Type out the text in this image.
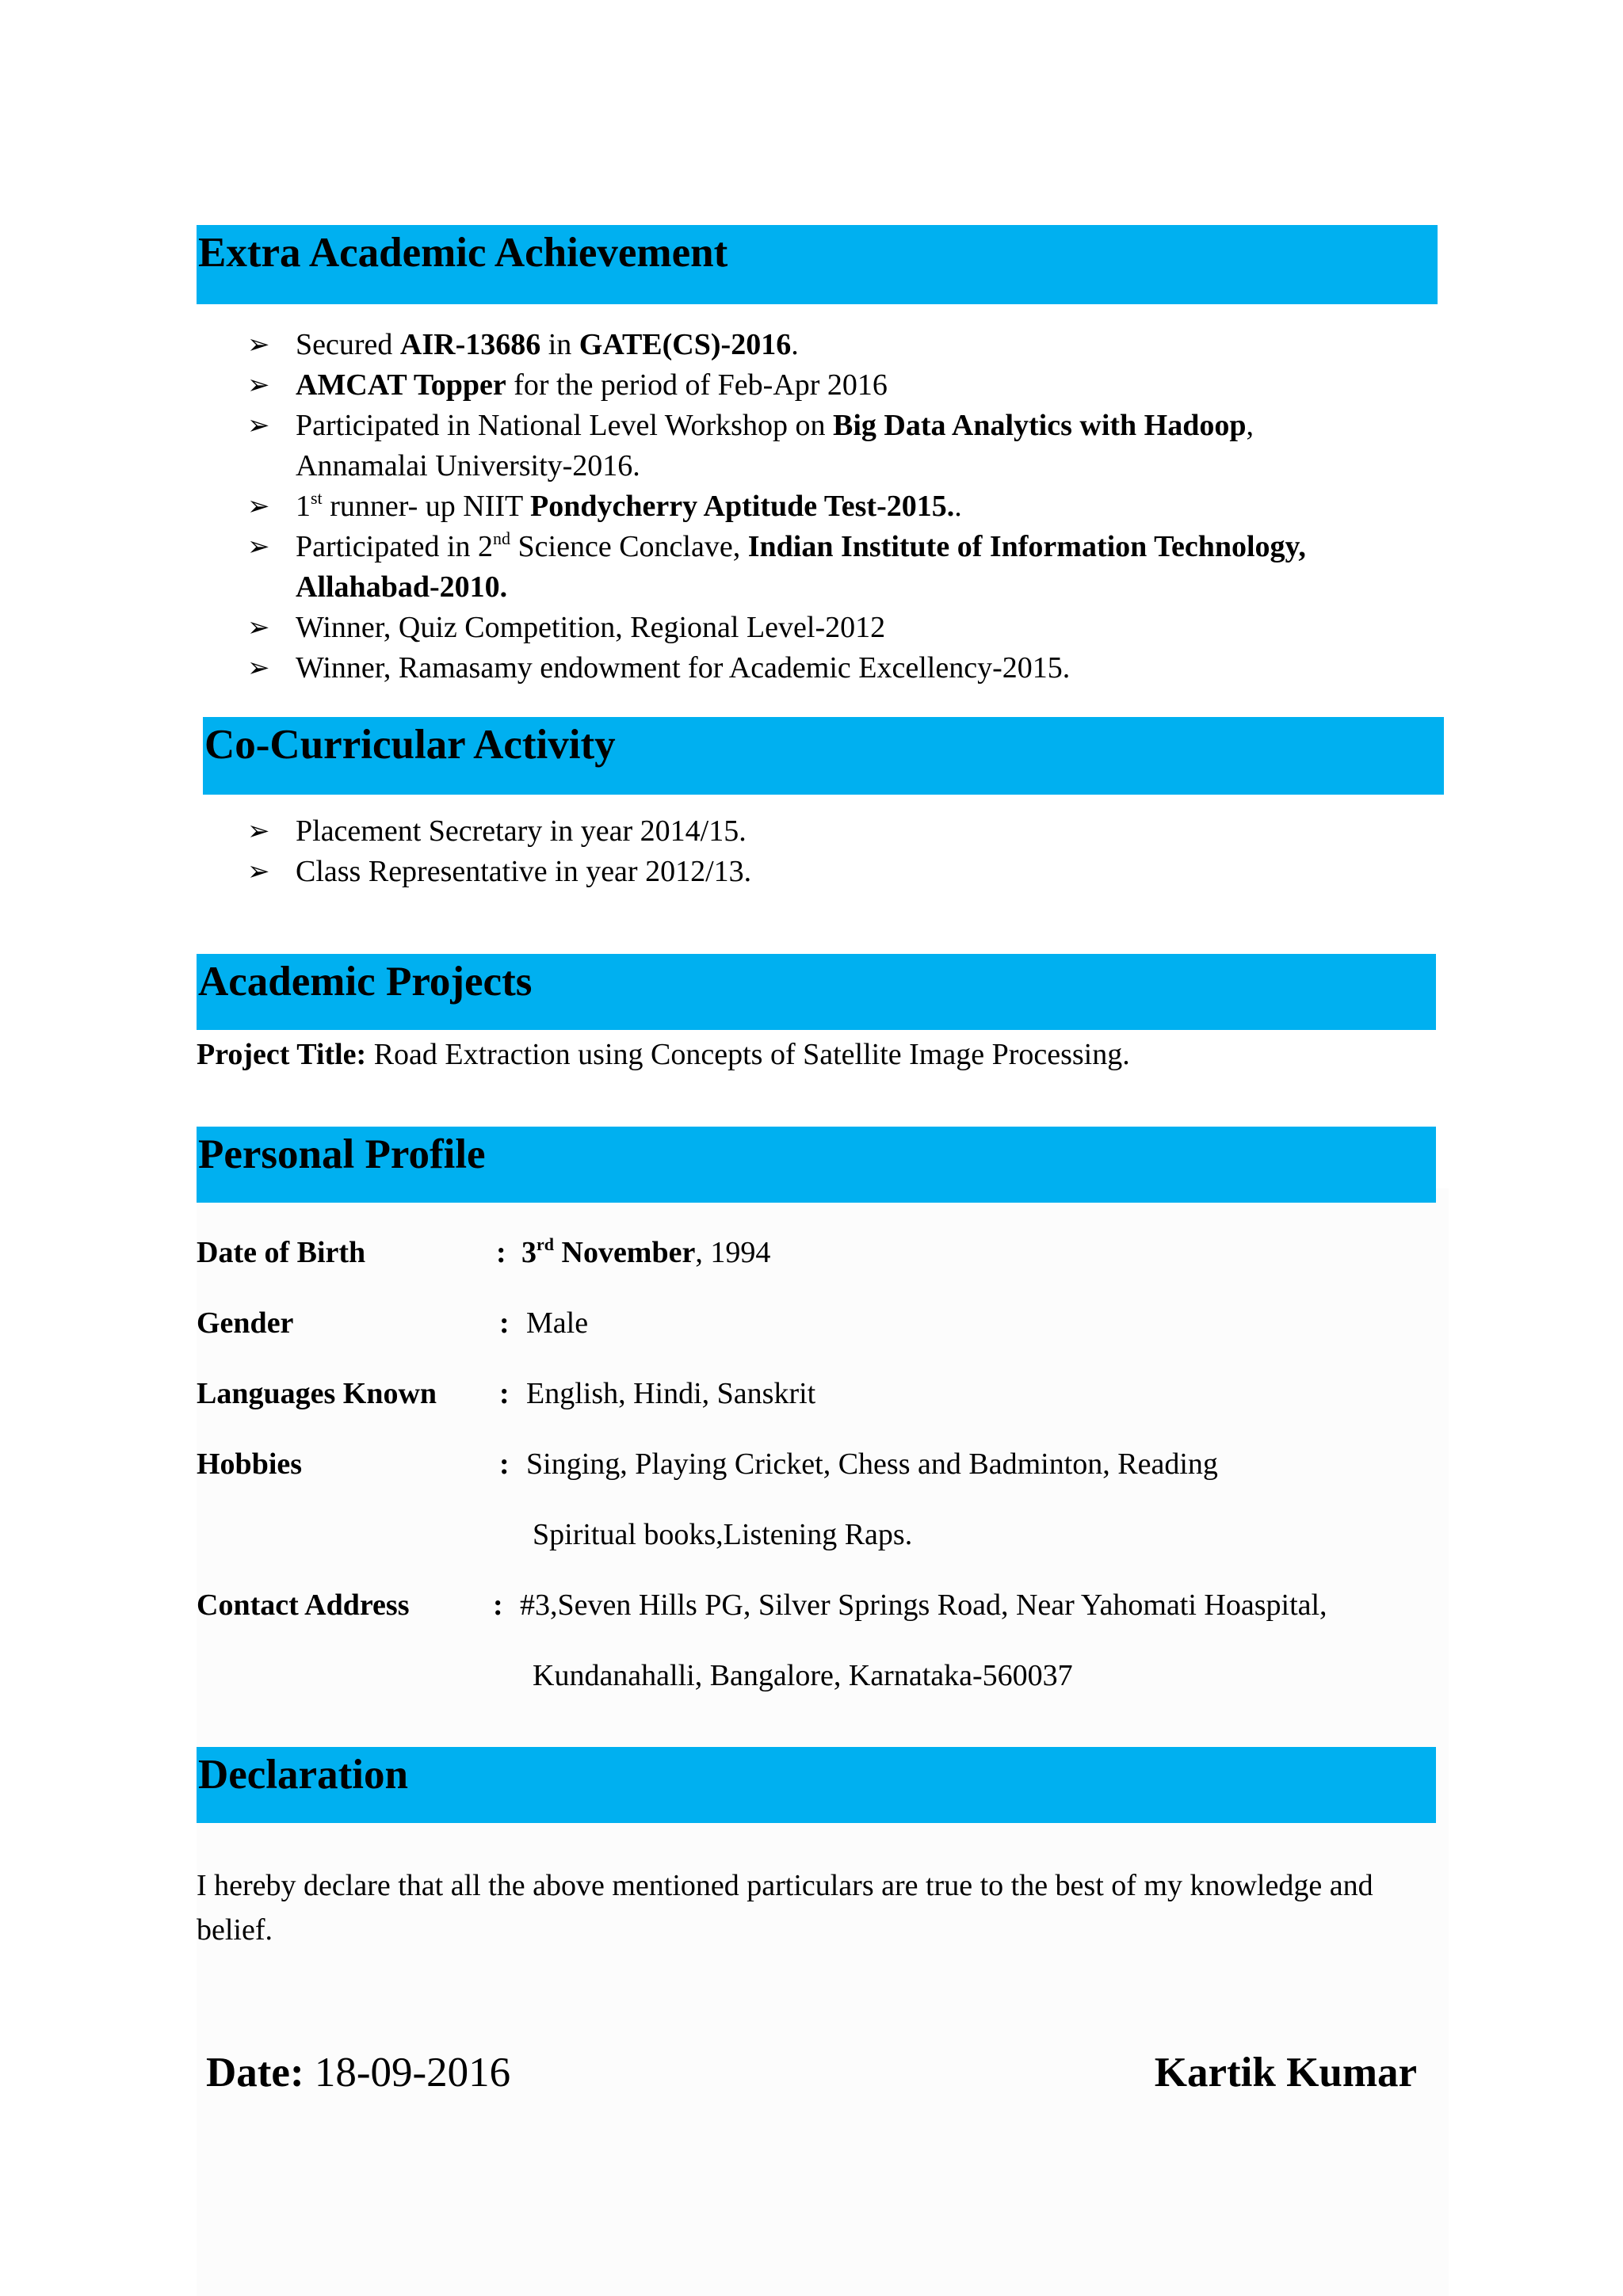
Extra Academic Achievement
➢ Secured AIR-13686 in GATE(CS)-2016.
➢ AMCAT Topper for the period of Feb-Apr 2016
➢ Participated in National Level Workshop on Big Data Analytics with Hadoop,
Annamalai University-2016.
➢ 1st runner- up NIIT Pondycherry Aptitude Test-2015..
➢ Participated in 2nd Science Conclave, Indian Institute of Information Technology,
Allahabad-2010.
➢ Winner, Quiz Competition, Regional Level-2012
➢ Winner, Ramasamy endowment for Academic Excellency-2015.
Co-Curricular Activity
➢ Placement Secretary in year 2014/15.
➢ Class Representative in year 2012/13.
Academic Projects
Project Title: Road Extraction using Concepts of Satellite Image Processing.
Personal Profile
Date of Birth	: 3rd November, 1994
Gender	: Male
Languages Known : English, Hindi, Sanskrit
Hobbies	: Singing, Playing Cricket, Chess and Badminton, Reading
Spiritual books,Listening Raps.
Contact Address	: #3,Seven Hills PG, Silver Springs Road, Near Yahomati Hoaspital,
Kundanahalli, Bangalore, Karnataka-560037
Declaration
I hereby declare that all the above mentioned particulars are true to the best of my knowledge and belief.
Date: 18-09-2016	Kartik Kumar
